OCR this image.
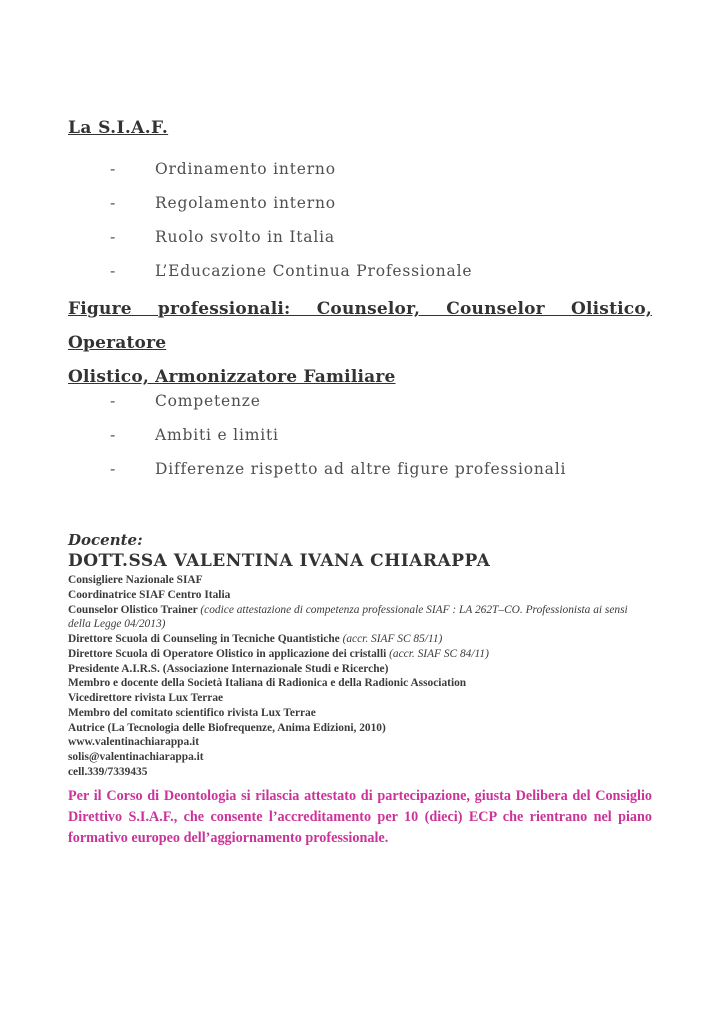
La S.I.A.F.
-	Ordinamento interno
-	Regolamento interno
-	Ruolo svolto in Italia
-	L’Educazione Continua Professionale
Figure professionali: Counselor, Counselor Olistico, Operatore
Olistico, Armonizzatore Familiare
-	Competenze
-	Ambiti e limiti
-	Differenze rispetto ad altre figure professionali

Docente:

DOTT.SSA VALENTINA IVANA CHIARAPPA

Consigliere Nazionale SIAF
Coordinatrice SIAF Centro Italia
Counselor Olistico Trainer (codice attestazione di competenza professionale SIAF : LA 262T–CO. Professionista ai sensi della Legge 04/2013)
Direttore Scuola di Counseling in Tecniche Quantistiche (accr. SIAF SC 85/11)
Direttore Scuola di Operatore Olistico in applicazione dei cristalli (accr. SIAF SC 84/11)
Presidente A.I.R.S. (Associazione Internazionale Studi e Ricerche)
Membro e docente della Società Italiana di Radionica e della Radionic Association
Vicedirettore rivista Lux Terrae
Membro del comitato scientifico rivista Lux Terrae
Autrice (La Tecnologia delle Biofrequenze, Anima Edizioni, 2010)
www.valentinachiarappa.it
solis@valentinachiarappa.it
cell.339/7339435

Per il Corso di Deontologia si rilascia attestato di partecipazione, giusta Delibera del Consiglio Direttivo S.I.A.F., che consente l’accreditamento per 10 (dieci) ECP che rientrano nel piano formativo europeo dell’aggiornamento professionale.
